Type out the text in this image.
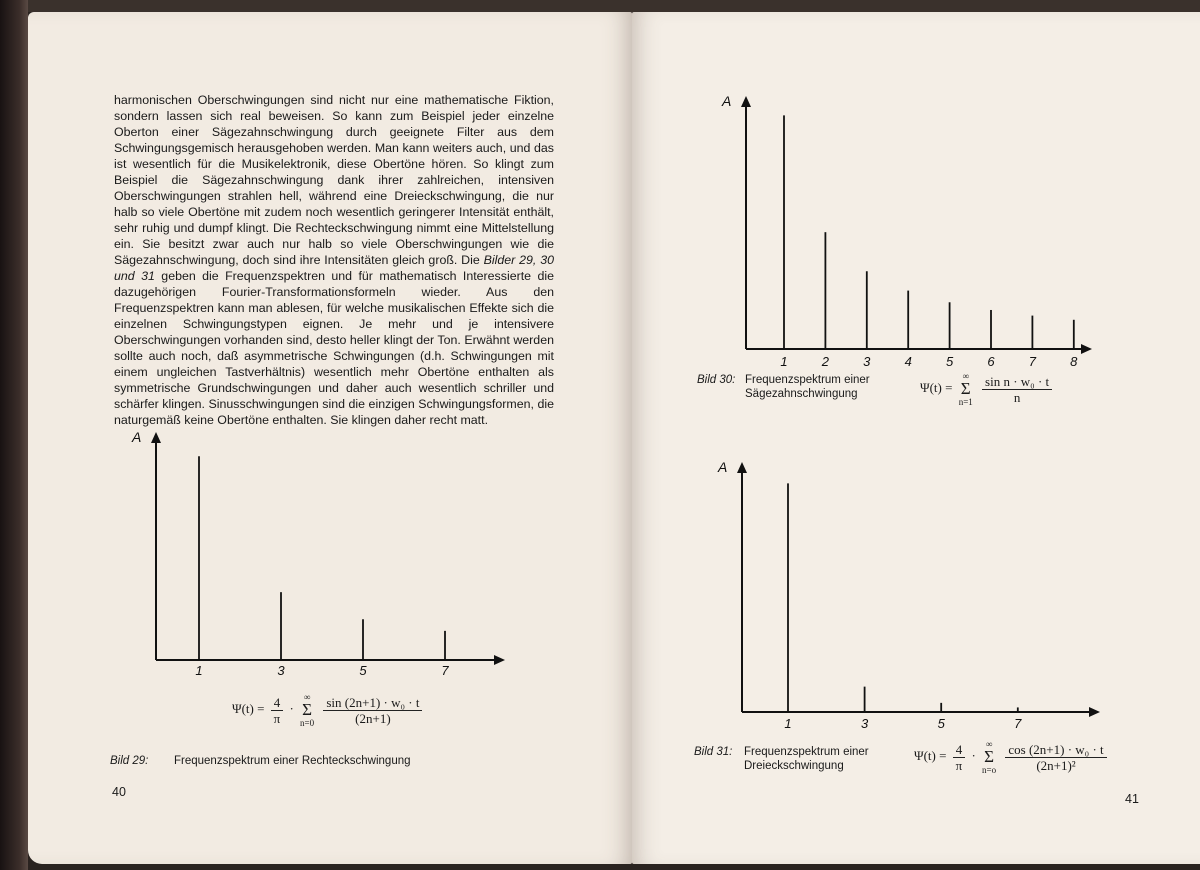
harmonischen Oberschwingungen sind nicht nur eine mathematische Fiktion, sondern lassen sich real beweisen. So kann zum Beispiel jeder einzelne Oberton einer Sägezahnschwingung durch geeignete Filter aus dem Schwingungsgemisch herausgehoben werden. Man kann weiters auch, und das ist wesentlich für die Musikelektronik, diese Obertöne hören. So klingt zum Beispiel die Sägezahnschwingung dank ihrer zahlreichen, intensiven Oberschwingungen strahlen hell, während eine Dreieckschwingung, die nur halb so viele Obertöne mit zudem noch wesentlich geringerer Intensität enthält, sehr ruhig und dumpf klingt. Die Rechteckschwingung nimmt eine Mittelstellung ein. Sie besitzt zwar auch nur halb so viele Oberschwingungen wie die Sägezahnschwingung, doch sind ihre Intensitäten gleich groß. Die Bilder 29, 30 und 31 geben die Frequenzspektren und für mathematisch Interessierte die dazugehörigen Fourier-Transformationsformeln wieder. Aus den Frequenzspektren kann man ablesen, für welche musikalischen Effekte sich die einzelnen Schwingungstypen eignen. Je mehr und je intensivere Oberschwingungen vorhanden sind, desto heller klingt der Ton. Erwähnt werden sollte auch noch, daß asymmetrische Schwingungen (d.h. Schwingungen mit einem ungleichen Tastverhältnis) wesentlich mehr Obertöne enthalten als symmetrische Grundschwingungen und daher auch wesentlich schriller und schärfer klingen. Sinusschwingungen sind die einzigen Schwingungsformen, die naturgemäß keine Obertöne enthalten. Sie klingen daher recht matt.

A
1	3	5	7
A
1	2	3	4	5	6	7	8
A
1	3	5	7
$\Psi(t) = \frac{4}{\pi}$ · ∞
Σ
$n=0 \frac{\text{sin (2n+1) · w₀ · t}}{(2n+1)}$
Bild 29: Frequenzspektrum einer Rechteckschwingung
40
Bild 30: Frequenzspektrum einer
Sägezahnschwingung	Ψ(t) = ∞
Σ
$n=1 \frac{\text{sin n · w₀ · t}}{n}$
Bild 31: Frequenzspektrum einer
Dreieckschwingung
$\Psi(t) = \frac{4}{\pi}$ · ∞
Σ
$n=o \frac{\text{cos (2n+1) · w₀ · t}}{\text{(2n+1)²}}$
41
